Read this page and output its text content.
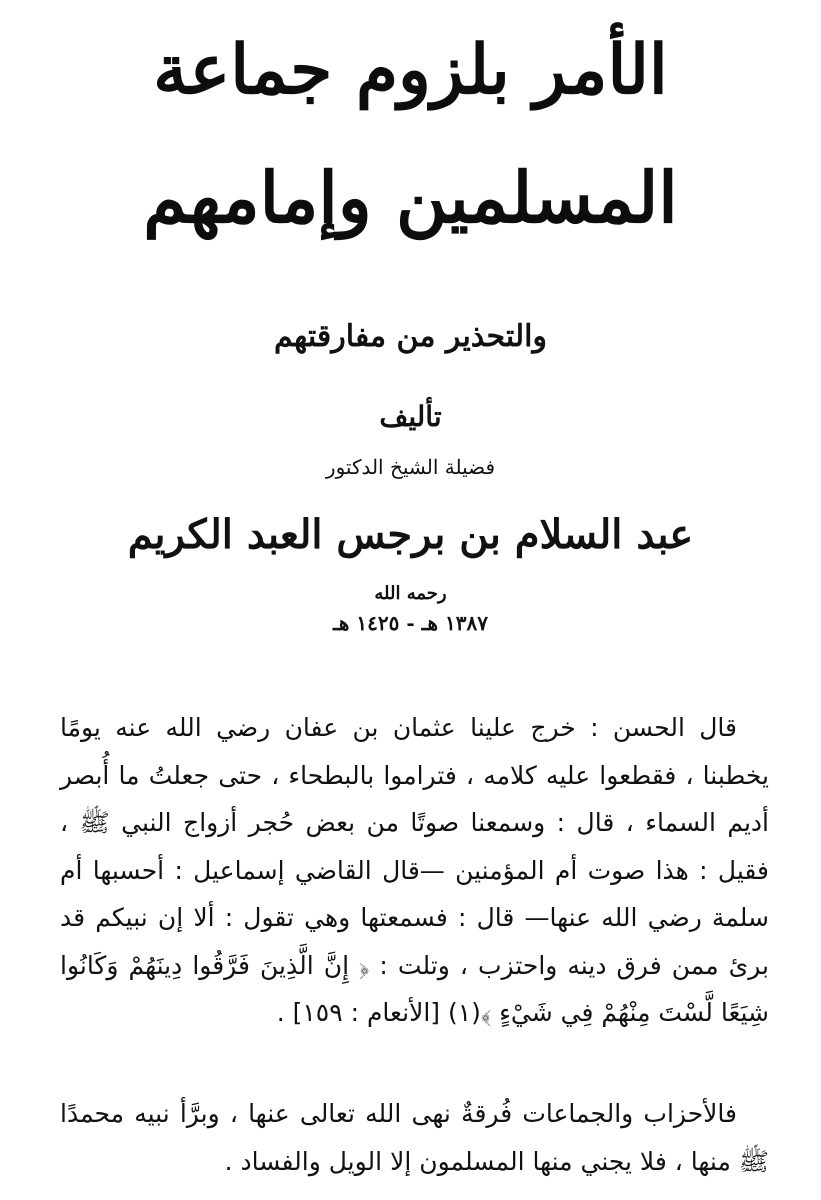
الأمر بلزوم جماعة
المسلمين وإمامهم
والتحذير من مفارقتهم
تأليف
فضيلة الشيخ الدكتور
عبد السلام بن برجس العبد الكريم
رحمه الله
١٣٨٧ هـ - ١٤٢٥ هـ
قال الحسن : خرج علينا عثمان بن عفان رضي الله عنه يومًا يخطبنا ، فقطعوا عليه كلامه ، فتراموا بالبطحاء ، حتى جعلتُ ما أُبصر أديم السماء ، قال : وسمعنا صوتًا من بعض حُجر أزواج النبي ﷺ ، فقيل : هذا صوت أم المؤمنين —قال القاضي إسماعيل : أحسبها أم سلمة رضي الله عنها— قال : فسمعتها وهي تقول : ألا إن نبيكم قد برئ ممن فرق دينه واحتزب ، وتلت : ﴿ إِنَّ الَّذِينَ فَرَّقُوا دِينَهُمْ وَكَانُوا شِيَعًا لَّسْتَ مِنْهُمْ فِي شَيْءٍ ﴾(١) [الأنعام : ١٥٩] .
فالأحزاب والجماعات فُرقةٌ نهى الله تعالى عنها ، وبرَّأ نبيه محمدًا ﷺ منها ، فلا يجني منها المسلمون إلا الويل والفساد .
